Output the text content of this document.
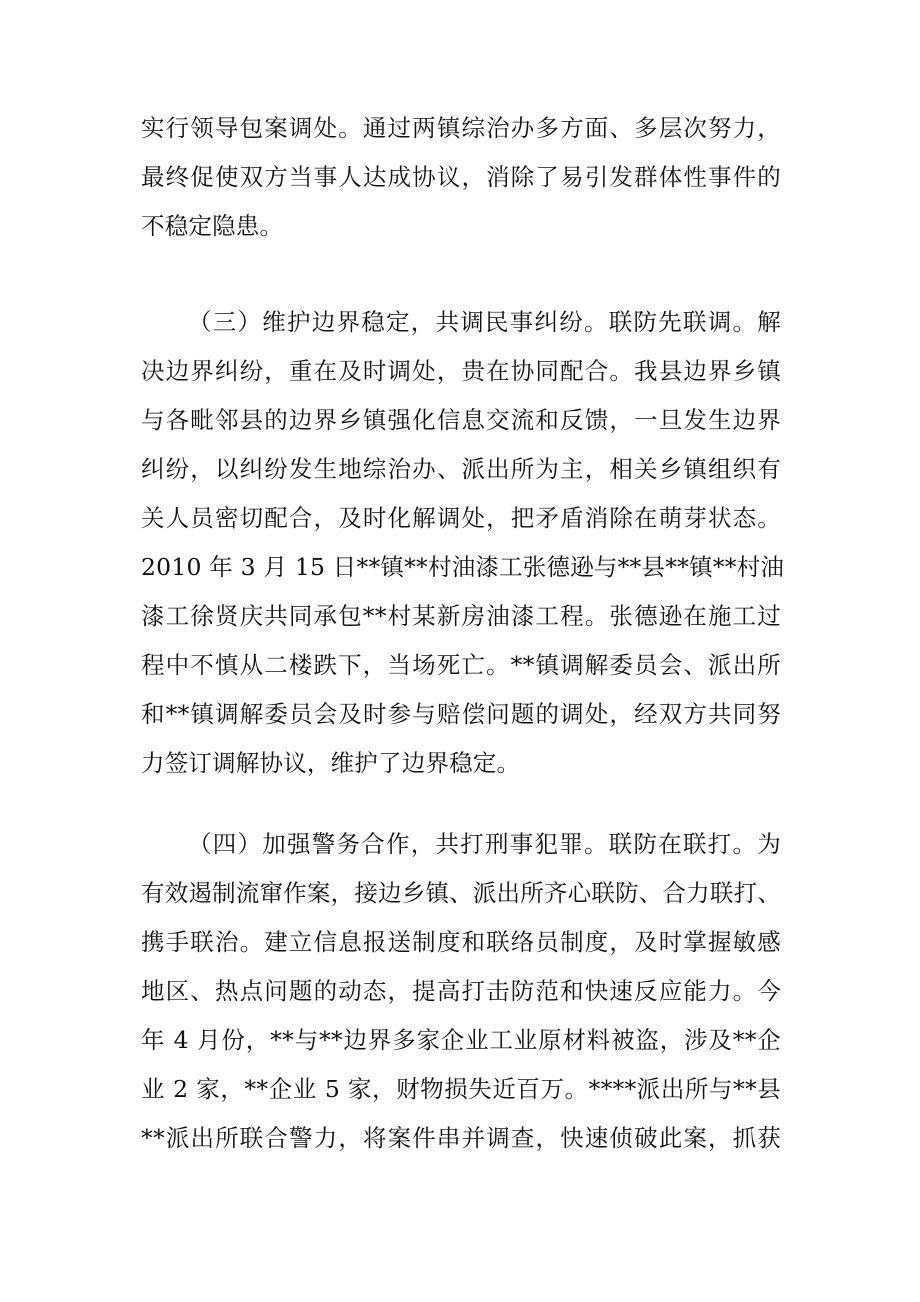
实行领导包案调处。通过两镇综治办多方面、多层次努力，
最终促使双方当事人达成协议，消除了易引发群体性事件的
不稳定隐患。
（三）维护边界稳定，共调民事纠纷。联防先联调。解
决边界纠纷，重在及时调处，贵在协同配合。我县边界乡镇
与各毗邻县的边界乡镇强化信息交流和反馈，一旦发生边界
纠纷，以纠纷发生地综治办、派出所为主，相关乡镇组织有
关人员密切配合，及时化解调处，把矛盾消除在萌芽状态。
2010 年 3 月 15 日**镇**村油漆工张德逊与**县**镇**村油
漆工徐贤庆共同承包**村某新房油漆工程。张德逊在施工过
程中不慎从二楼跌下，当场死亡。**镇调解委员会、派出所
和**镇调解委员会及时参与赔偿问题的调处，经双方共同努
力签订调解协议，维护了边界稳定。
（四）加强警务合作，共打刑事犯罪。联防在联打。为
有效遏制流窜作案，接边乡镇、派出所齐心联防、合力联打、
携手联治。建立信息报送制度和联络员制度，及时掌握敏感
地区、热点问题的动态，提高打击防范和快速反应能力。今
年 4 月份，**与**边界多家企业工业原材料被盗，涉及**企
业 2 家，**企业 5 家，财物损失近百万。****派出所与**县
**派出所联合警力，将案件串并调查，快速侦破此案，抓获
